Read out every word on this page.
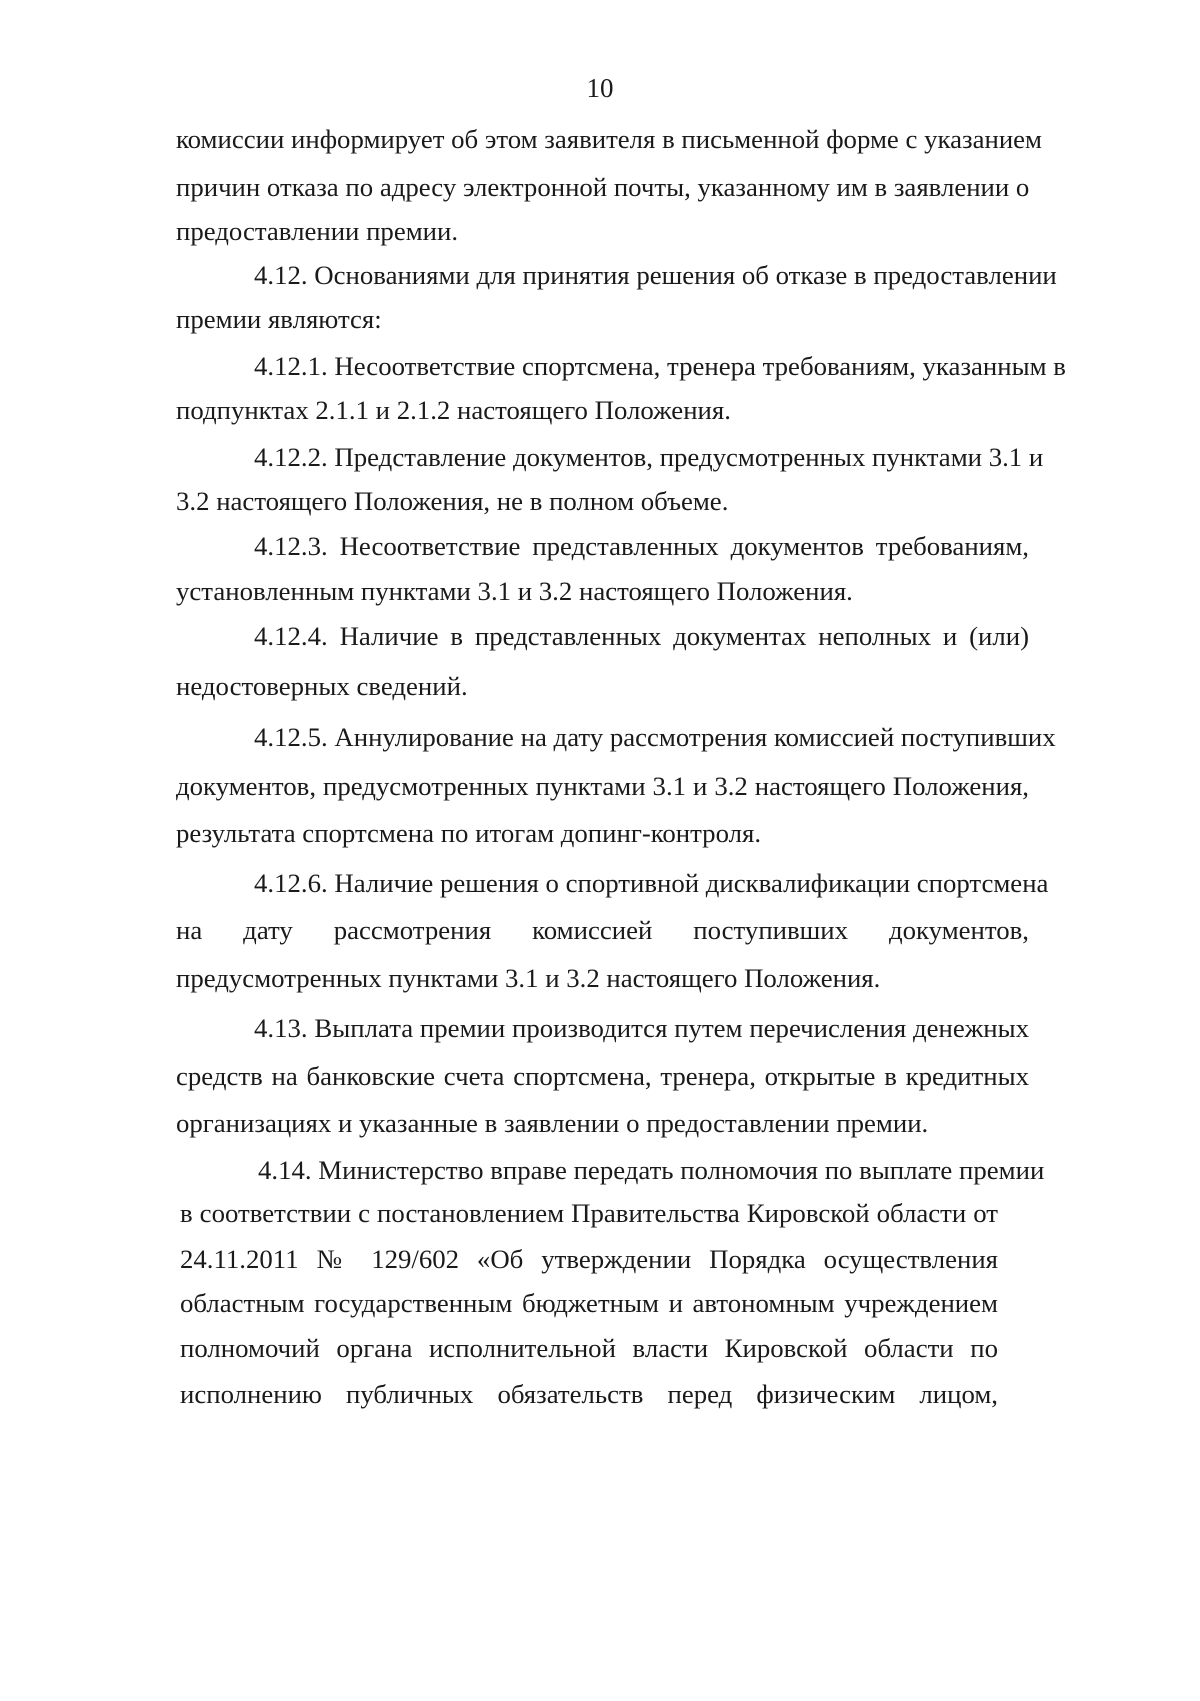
10
комиссии информирует об этом заявителя в письменной форме с указанием
причин отказа по адресу электронной почты, указанному им в заявлении о
предоставлении премии.
4.12. Основаниями для принятия решения об отказе в предоставлении
премии являются:
4.12.1. Несоответствие спортсмена, тренера требованиям, указанным в
подпунктах 2.1.1 и 2.1.2 настоящего Положения.
4.12.2. Представление документов, предусмотренных пунктами 3.1 и
3.2 настоящего Положения, не в полном объеме.
4.12.3. Несоответствие представленных документов требованиям,
установленным пунктами 3.1 и 3.2 настоящего Положения.
4.12.4. Наличие в представленных документах неполных и (или)
недостоверных сведений.
4.12.5. Аннулирование на дату рассмотрения комиссией поступивших
документов, предусмотренных пунктами 3.1 и 3.2 настоящего Положения,
результата спортсмена по итогам допинг-контроля.
4.12.6. Наличие решения о спортивной дисквалификации спортсмена
на дату рассмотрения комиссией поступивших документов,
предусмотренных пунктами 3.1 и 3.2 настоящего Положения.
4.13. Выплата премии производится путем перечисления денежных
средств на банковские счета спортсмена, тренера, открытые в кредитных
организациях и указанные в заявлении о предоставлении премии.
4.14. Министерство вправе передать полномочия по выплате премии
в соответствии с постановлением Правительства Кировской области от
24.11.2011 № 129/602 «Об утверждении Порядка осуществления
областным государственным бюджетным и автономным учреждением
полномочий органа исполнительной власти Кировской области по
исполнению публичных обязательств перед физическим лицом,
